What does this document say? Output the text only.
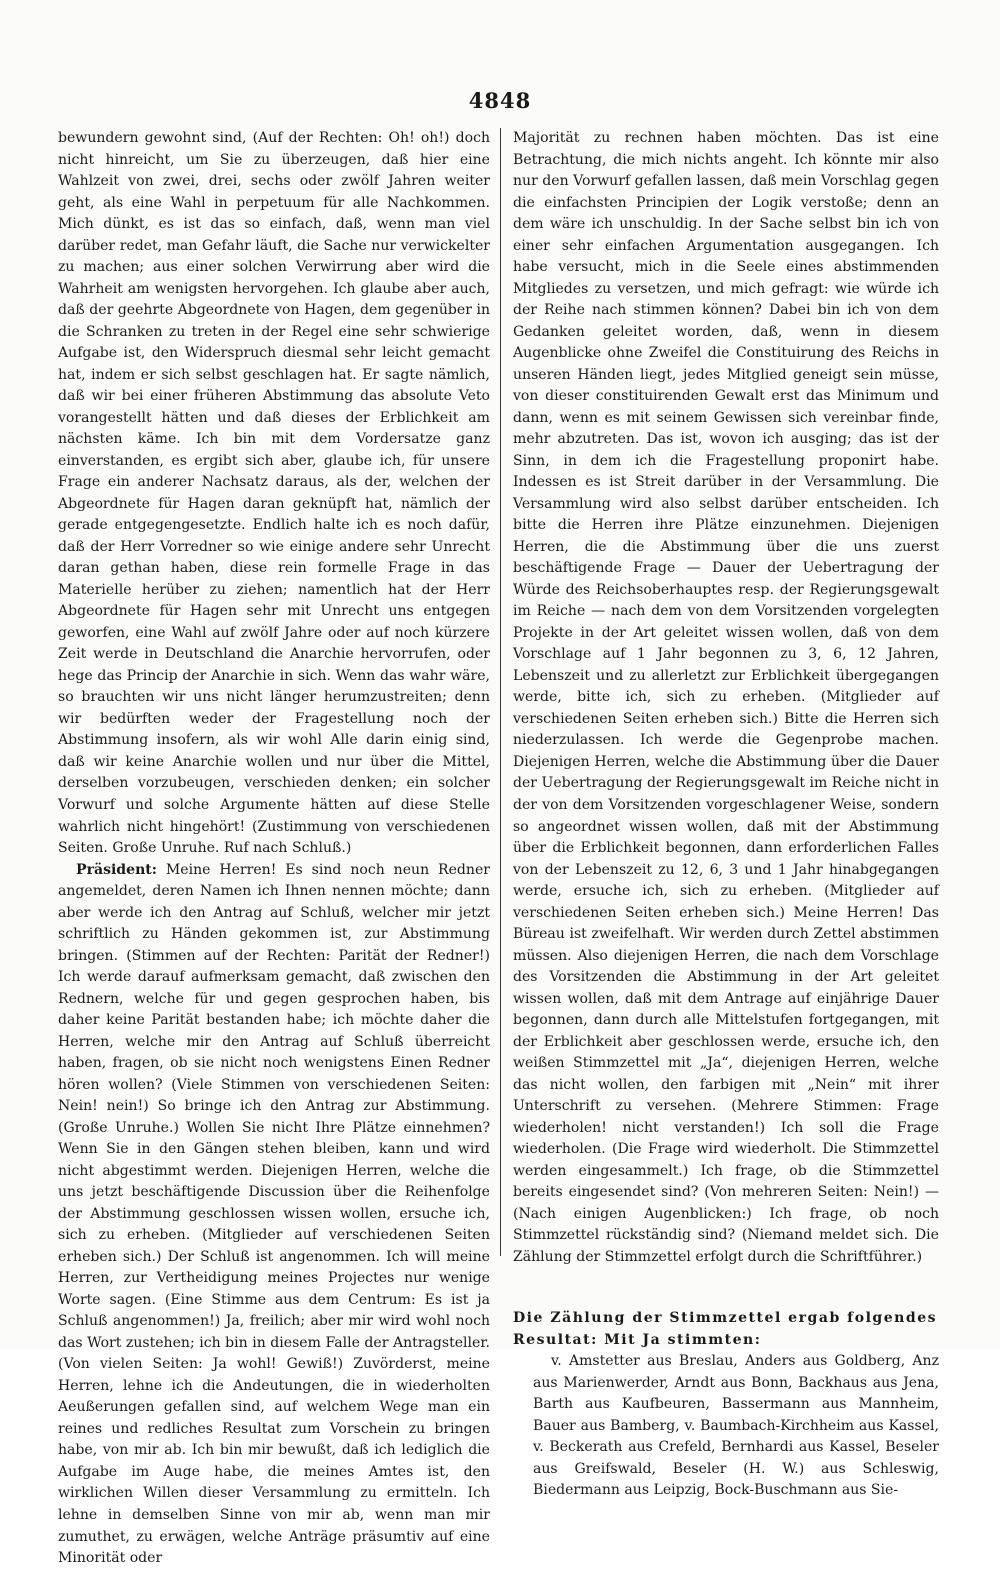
4848

bewundern gewohnt sind, (Auf der Rechten: Oh! oh!) doch nicht hinreicht, um Sie zu überzeugen, daß hier eine Wahlzeit von zwei, drei, sechs oder zwölf Jahren weiter geht, als eine Wahl in perpetuum für alle Nachkommen. Mich dünkt, es ist das so einfach, daß, wenn man viel darüber redet, man Gefahr läuft, die Sache nur verwickelter zu machen; aus einer solchen Verwirrung aber wird die Wahrheit am wenigsten hervorgehen. Ich glaube aber auch, daß der geehrte Abgeordnete von Hagen, dem gegenüber in die Schranken zu treten in der Regel eine sehr schwierige Aufgabe ist, den Widerspruch diesmal sehr leicht gemacht hat, indem er sich selbst geschlagen hat. Er sagte nämlich, daß wir bei einer früheren Abstimmung das absolute Veto vorangestellt hätten und daß dieses der Erblichkeit am nächsten käme. Ich bin mit dem Vordersatze ganz einverstanden, es ergibt sich aber, glaube ich, für unsere Frage ein anderer Nachsatz daraus, als der, welchen der Abgeordnete für Hagen daran geknüpft hat, nämlich der gerade entgegengesetzte. Endlich halte ich es noch dafür, daß der Herr Vorredner so wie einige andere sehr Unrecht daran gethan haben, diese rein formelle Frage in das Materielle herüber zu ziehen; namentlich hat der Herr Abgeordnete für Hagen sehr mit Unrecht uns entgegen geworfen, eine Wahl auf zwölf Jahre oder auf noch kürzere Zeit werde in Deutschland die Anarchie hervorrufen, oder hege das Princip der Anarchie in sich. Wenn das wahr wäre, so brauchten wir uns nicht länger herumzustreiten; denn wir bedürften weder der Fragestellung noch der Abstimmung insofern, als wir wohl Alle darin einig sind, daß wir keine Anarchie wollen und nur über die Mittel, derselben vorzubeugen, verschieden denken; ein solcher Vorwurf und solche Argumente hätten auf diese Stelle wahrlich nicht hingehört! (Zustimmung von verschiedenen Seiten. Große Unruhe. Ruf nach Schluß.)

Präsident: Meine Herren! Es sind noch neun Redner angemeldet, deren Namen ich Ihnen nennen möchte; dann aber werde ich den Antrag auf Schluß, welcher mir jetzt schriftlich zu Händen gekommen ist, zur Abstimmung bringen. (Stimmen auf der Rechten: Parität der Redner!) Ich werde darauf aufmerksam gemacht, daß zwischen den Rednern, welche für und gegen gesprochen haben, bis daher keine Parität bestanden habe; ich möchte daher die Herren, welche mir den Antrag auf Schluß überreicht haben, fragen, ob sie nicht noch wenigstens Einen Redner hören wollen? (Viele Stimmen von verschiedenen Seiten: Nein! nein!) So bringe ich den Antrag zur Abstimmung. (Große Unruhe.) Wollen Sie nicht Ihre Plätze einnehmen? Wenn Sie in den Gängen stehen bleiben, kann und wird nicht abgestimmt werden. Diejenigen Herren, welche die uns jetzt beschäftigende Discussion über die Reihenfolge der Abstimmung geschlossen wissen wollen, ersuche ich, sich zu erheben. (Mitglieder auf verschiedenen Seiten erheben sich.) Der Schluß ist angenommen. Ich will meine Herren, zur Vertheidigung meines Projectes nur wenige Worte sagen. (Eine Stimme aus dem Centrum: Es ist ja Schluß angenommen!) Ja, freilich; aber mir wird wohl noch das Wort zustehen; ich bin in diesem Falle der Antragsteller. (Von vielen Seiten: Ja wohl! Gewiß!) Zuvörderst, meine Herren, lehne ich die Andeutungen, die in wiederholten Aeußerungen gefallen sind, auf welchem Wege man ein reines und redliches Resultat zum Vorschein zu bringen habe, von mir ab. Ich bin mir bewußt, daß ich lediglich die Aufgabe im Auge habe, die meines Amtes ist, den wirklichen Willen dieser Versammlung zu ermitteln. Ich lehne in demselben Sinne von mir ab, wenn man mir zumuthet, zu erwägen, welche Anträge präsumtiv auf eine Minorität oder

Majorität zu rechnen haben möchten. Das ist eine Betrachtung, die mich nichts angeht. Ich könnte mir also nur den Vorwurf gefallen lassen, daß mein Vorschlag gegen die einfachsten Principien der Logik verstoße; denn an dem wäre ich unschuldig. In der Sache selbst bin ich von einer sehr einfachen Argumentation ausgegangen. Ich habe versucht, mich in die Seele eines abstimmenden Mitgliedes zu versetzen, und mich gefragt: wie würde ich der Reihe nach stimmen können? Dabei bin ich von dem Gedanken geleitet worden, daß, wenn in diesem Augenblicke ohne Zweifel die Constituirung des Reichs in unseren Händen liegt, jedes Mitglied geneigt sein müsse, von dieser constituirenden Gewalt erst das Minimum und dann, wenn es mit seinem Gewissen sich vereinbar finde, mehr abzutreten. Das ist, wovon ich ausging; das ist der Sinn, in dem ich die Fragestellung proponirt habe. Indessen es ist Streit darüber in der Versammlung. Die Versammlung wird also selbst darüber entscheiden. Ich bitte die Herren ihre Plätze einzunehmen. Diejenigen Herren, die die Abstimmung über die uns zuerst beschäftigende Frage — Dauer der Uebertragung der Würde des Reichsoberhauptes resp. der Regierungsgewalt im Reiche — nach dem von dem Vorsitzenden vorgelegten Projekte in der Art geleitet wissen wollen, daß von dem Vorschlage auf 1 Jahr begonnen zu 3, 6, 12 Jahren, Lebenszeit und zu allerletzt zur Erblichkeit übergegangen werde, bitte ich, sich zu erheben. (Mitglieder auf verschiedenen Seiten erheben sich.) Bitte die Herren sich niederzulassen. Ich werde die Gegenprobe machen. Diejenigen Herren, welche die Abstimmung über die Dauer der Uebertragung der Regierungsgewalt im Reiche nicht in der von dem Vorsitzenden vorgeschlagener Weise, sondern so angeordnet wissen wollen, daß mit der Abstimmung über die Erblichkeit begonnen, dann erforderlichen Falles von der Lebenszeit zu 12, 6, 3 und 1 Jahr hinabgegangen werde, ersuche ich, sich zu erheben. (Mitglieder auf verschiedenen Seiten erheben sich.) Meine Herren! Das Büreau ist zweifelhaft. Wir werden durch Zettel abstimmen müssen. Also diejenigen Herren, die nach dem Vorschlage des Vorsitzenden die Abstimmung in der Art geleitet wissen wollen, daß mit dem Antrage auf einjährige Dauer begonnen, dann durch alle Mittelstufen fortgegangen, mit der Erblichkeit aber geschlossen werde, ersuche ich, den weißen Stimmzettel mit „Ja“, diejenigen Herren, welche das nicht wollen, den farbigen mit „Nein“ mit ihrer Unterschrift zu versehen. (Mehrere Stimmen: Frage wiederholen! nicht verstanden!) Ich soll die Frage wiederholen. (Die Frage wird wiederholt. Die Stimmzettel werden eingesammelt.) Ich frage, ob die Stimmzettel bereits eingesendet sind? (Von mehreren Seiten: Nein!) — (Nach einigen Augenblicken:) Ich frage, ob noch Stimmzettel rückständig sind? (Niemand meldet sich. Die Zählung der Stimmzettel erfolgt durch die Schriftführer.)

Die Zählung der Stimmzettel ergab folgendes Resultat: Mit Ja stimmten:

v. Amstetter aus Breslau, Anders aus Goldberg, Anz aus Marienwerder, Arndt aus Bonn, Backhaus aus Jena, Barth aus Kaufbeuren, Bassermann aus Mannheim, Bauer aus Bamberg, v. Baumbach-Kirchheim aus Kassel, v. Beckerath aus Crefeld, Bernhardi aus Kassel, Beseler aus Greifswald, Beseler (H. W.) aus Schleswig, Biedermann aus Leipzig, Bock-Buschmann aus Sie-
